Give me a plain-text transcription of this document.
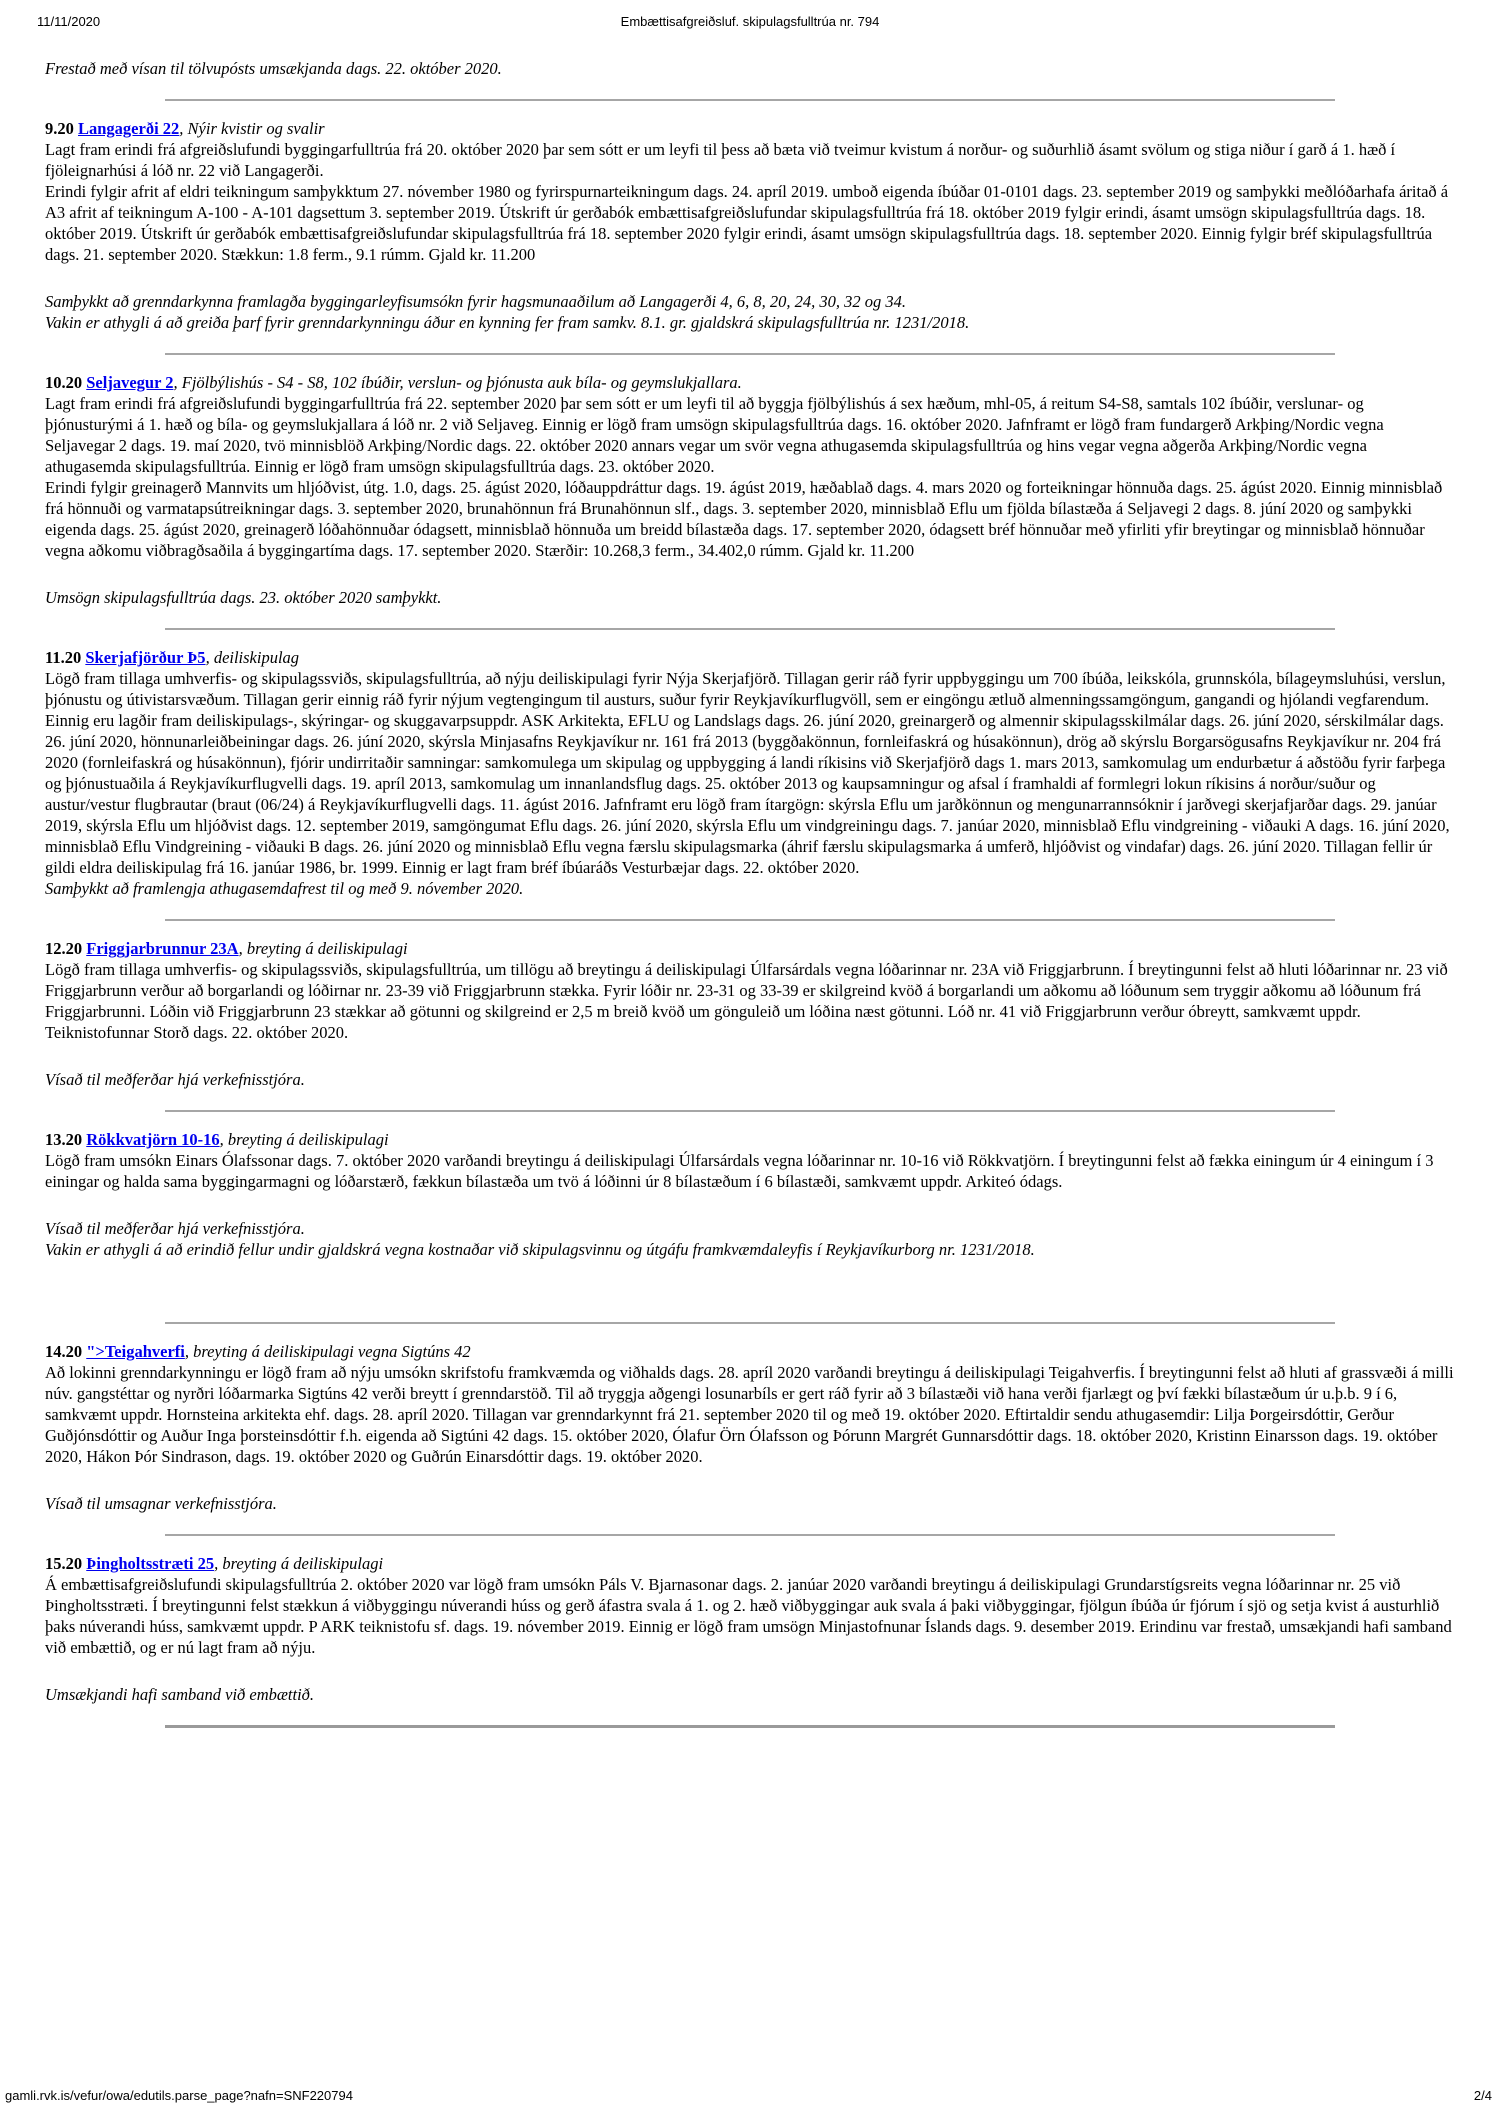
11/11/2020	Embættisafgreiðsluf. skipulagsfulltrúa nr. 794

Frestað með vísan til tölvupósts umsækjanda dags. 22. október 2020.

9.20 Langagerði 22, Nýir kvistir og svalir

Lagt fram erindi frá afgreiðslufundi byggingarfulltrúa frá 20. október 2020 þar sem sótt er um leyfi til þess að bæta við tveimur kvistum á norður- og suðurhlið ásamt svölum og stiga niður í garð á 1. hæð í fjöleignarhúsi á lóð nr. 22 við Langagerði.

Erindi fylgir afrit af eldri teikningum samþykktum 27. nóvember 1980 og fyrirspurnarteikningum dags. 24. apríl 2019. umboð eigenda íbúðar 01-0101 dags. 23. september 2019 og samþykki meðlóðarhafa áritað á A3 afrit af teikningum A-100 - A-101 dagsettum 3. september 2019. Útskrift úr gerðabók embættisafgreiðslufundar skipulagsfulltrúa frá 18. október 2019 fylgir erindi, ásamt umsögn skipulagsfulltrúa dags. 18. október 2019. Útskrift úr gerðabók embættisafgreiðslufundar skipulagsfulltrúa frá 18. september 2020 fylgir erindi, ásamt umsögn skipulagsfulltrúa dags. 18. september 2020. Einnig fylgir bréf skipulagsfulltrúa dags. 21. september 2020. Stækkun: 1.8 ferm., 9.1 rúmm. Gjald kr. 11.200

Samþykkt að grenndarkynna framlagða byggingarleyfisumsókn fyrir hagsmunaaðilum að Langagerði 4, 6, 8, 20, 24, 30, 32 og 34.

Vakin er athygli á að greiða þarf fyrir grenndarkynningu áður en kynning fer fram samkv. 8.1. gr. gjaldskrá skipulagsfulltrúa nr. 1231/2018.

10.20 Seljavegur 2, Fjölbýlishús - S4 - S8, 102 íbúðir, verslun- og þjónusta auk bíla- og geymslukjallara.

Lagt fram erindi frá afgreiðslufundi byggingarfulltrúa frá 22. september 2020 þar sem sótt er um leyfi til að byggja fjölbýlishús á sex hæðum, mhl-05, á reitum S4-S8, samtals 102 íbúðir, verslunar- og þjónusturými á 1. hæð og bíla- og geymslukjallara á lóð nr. 2 við Seljaveg. Einnig er lögð fram umsögn skipulagsfulltrúa dags. 16. október 2020. Jafnframt er lögð fram fundargerð Arkþing/Nordic vegna Seljavegar 2 dags. 19. maí 2020, tvö minnisblöð Arkþing/Nordic dags. 22. október 2020 annars vegar um svör vegna athugasemda skipulagsfulltrúa og hins vegar vegna aðgerða Arkþing/Nordic vegna athugasemda skipulagsfulltrúa. Einnig er lögð fram umsögn skipulagsfulltrúa dags. 23. október 2020.

Erindi fylgir greinagerð Mannvits um hljóðvist, útg. 1.0, dags. 25. ágúst 2020, lóðauppdráttur dags. 19. ágúst 2019, hæðablað dags. 4. mars 2020 og forteikningar hönnuða dags. 25. ágúst 2020. Einnig minnisblað frá hönnuði og varmatapsútreikningar dags. 3. september 2020, brunahönnun frá Brunahönnun slf., dags. 3. september 2020, minnisblað Eflu um fjölda bílastæða á Seljavegi 2 dags. 8. júní 2020 og samþykki eigenda dags. 25. ágúst 2020, greinagerð lóðahönnuðar ódagsett, minnisblað hönnuða um breidd bílastæða dags. 17. september 2020, ódagsett bréf hönnuðar með yfirliti yfir breytingar og minnisblað hönnuðar vegna aðkomu viðbragðsaðila á byggingartíma dags. 17. september 2020. Stærðir: 10.268,3 ferm., 34.402,0 rúmm. Gjald kr. 11.200

Umsögn skipulagsfulltrúa dags. 23. október 2020 samþykkt.

11.20 Skerjafjörður Þ5, deiliskipulag

Lögð fram tillaga umhverfis- og skipulagssviðs, skipulagsfulltrúa, að nýju deiliskipulagi fyrir Nýja Skerjafjörð. Tillagan gerir ráð fyrir uppbyggingu um 700 íbúða, leikskóla, grunnskóla, bílageymsluhúsi, verslun, þjónustu og útivistarsvæðum. Tillagan gerir einnig ráð fyrir nýjum vegtengingum til austurs, suður fyrir Reykjavíkurflugvöll, sem er eingöngu ætluð almenningssamgöngum, gangandi og hjólandi vegfarendum. Einnig eru lagðir fram deiliskipulags-, skýringar- og skuggavarpsuppdr. ASK Arkitekta, EFLU og Landslags dags. 26. júní 2020, greinargerð og almennir skipulagsskilmálar dags. 26. júní 2020, sérskilmálar dags. 26. júní 2020, hönnunarleiðbeiningar dags. 26. júní 2020, skýrsla Minjasafns Reykjavíkur nr. 161 frá 2013 (byggðakönnun, fornleifaskrá og húsakönnun), drög að skýrslu Borgarsögusafns Reykjavíkur nr. 204 frá 2020 (fornleifaskrá og húsakönnun), fjórir undirritaðir samningar: samkomulega um skipulag og uppbygging á landi ríkisins við Skerjafjörð dags 1. mars 2013, samkomulag um endurbætur á aðstöðu fyrir farþega og þjónustuaðila á Reykjavíkurflugvelli dags. 19. apríl 2013, samkomulag um innanlandsflug dags. 25. október 2013 og kaupsamningur og afsal í framhaldi af formlegri lokun ríkisins á norður/suður og austur/vestur flugbrautar (braut (06/24) á Reykjavíkurflugvelli dags. 11. ágúst 2016. Jafnframt eru lögð fram ítargögn: skýrsla Eflu um jarðkönnun og mengunarrannsóknir í jarðvegi skerjafjarðar dags. 29. janúar 2019, skýrsla Eflu um hljóðvist dags. 12. september 2019, samgöngumat Eflu dags. 26. júní 2020, skýrsla Eflu um vindgreiningu dags. 7. janúar 2020, minnisblað Eflu vindgreining - viðauki A dags. 16. júní 2020, minnisblað Eflu Vindgreining - viðauki B dags. 26. júní 2020 og minnisblað Eflu vegna færslu skipulagsmarka (áhrif færslu skipulagsmarka á umferð, hljóðvist og vindafar) dags. 26. júní 2020. Tillagan fellir úr gildi eldra deiliskipulag frá 16. janúar 1986, br. 1999. Einnig er lagt fram bréf íbúaráðs Vesturbæjar dags. 22. október 2020.

Samþykkt að framlengja athugasemdafrest til og með 9. nóvember 2020.

12.20 Friggjarbrunnur 23A, breyting á deiliskipulagi

Lögð fram tillaga umhverfis- og skipulagssviðs, skipulagsfulltrúa, um tillögu að breytingu á deiliskipulagi Úlfarsárdals vegna lóðarinnar nr. 23A við Friggjarbrunn. Í breytingunni felst að hluti lóðarinnar nr. 23 við Friggjarbrunn verður að borgarlandi og lóðirnar nr. 23-39 við Friggjarbrunn stækka. Fyrir lóðir nr. 23-31 og 33-39 er skilgreind kvöð á borgarlandi um aðkomu að lóðunum sem tryggir aðkomu að lóðunum frá Friggjarbrunni. Lóðin við Friggjarbrunn 23 stækkar að götunni og skilgreind er 2,5 m breið kvöð um gönguleið um lóðina næst götunni. Lóð nr. 41 við Friggjarbrunn verður óbreytt, samkvæmt uppdr. Teiknistofunnar Storð dags. 22. október 2020.

Vísað til meðferðar hjá verkefnisstjóra.

13.20 Rökkvatjörn 10-16, breyting á deiliskipulagi

Lögð fram umsókn Einars Ólafssonar dags. 7. október 2020 varðandi breytingu á deiliskipulagi Úlfarsárdals vegna lóðarinnar nr. 10-16 við Rökkvatjörn. Í breytingunni felst að fækka einingum úr 4 einingum í 3 einingar og halda sama byggingarmagni og lóðarstærð, fækkun bílastæða um tvö á lóðinni úr 8 bílastæðum í 6 bílastæði, samkvæmt uppdr. Arkiteó ódags.

Vísað til meðferðar hjá verkefnisstjóra.

Vakin er athygli á að erindið fellur undir gjaldskrá vegna kostnaðar við skipulagsvinnu og útgáfu framkvæmdaleyfis í Reykjavíkurborg nr. 1231/2018.

14.20 ">Teigahverfi, breyting á deiliskipulagi vegna Sigtúns 42

Að lokinni grenndarkynningu er lögð fram að nýju umsókn skrifstofu framkvæmda og viðhalds dags. 28. apríl 2020 varðandi breytingu á deiliskipulagi Teigahverfis. Í breytingunni felst að hluti af grassvæði á milli núv. gangstéttar og nyrðri lóðarmarka Sigtúns 42 verði breytt í grenndarstöð. Til að tryggja aðgengi losunarbíls er gert ráð fyrir að 3 bílastæði við hana verði fjarlægt og því fækki bílastæðum úr u.þ.b. 9 í 6, samkvæmt uppdr. Hornsteina arkitekta ehf. dags. 28. apríl 2020. Tillagan var grenndarkynnt frá 21. september 2020 til og með 19. október 2020. Eftirtaldir sendu athugasemdir: Lilja Þorgeirsdóttir, Gerður Guðjónsdóttir og Auður Inga þorsteinsdóttir f.h. eigenda að Sigtúni 42 dags. 15. október 2020, Ólafur Örn Ólafsson og Þórunn Margrét Gunnarsdóttir dags. 18. október 2020, Kristinn Einarsson dags. 19. október 2020, Hákon Þór Sindrason, dags. 19. október 2020 og Guðrún Einarsdóttir dags. 19. október 2020.

Vísað til umsagnar verkefnisstjóra.

15.20 Þingholtsstræti 25, breyting á deiliskipulagi

Á embættisafgreiðslufundi skipulagsfulltrúa 2. október 2020 var lögð fram umsókn Páls V. Bjarnasonar dags. 2. janúar 2020 varðandi breytingu á deiliskipulagi Grundarstígsreits vegna lóðarinnar nr. 25 við Þingholtsstræti. Í breytingunni felst stækkun á viðbyggingu núverandi húss og gerð áfastra svala á 1. og 2. hæð viðbyggingar auk svala á þaki viðbyggingar, fjölgun íbúða úr fjórum í sjö og setja kvist á austurhlið þaks núverandi húss, samkvæmt uppdr. P ARK teiknistofu sf. dags. 19. nóvember 2019. Einnig er lögð fram umsögn Minjastofnunar Íslands dags. 9. desember 2019. Erindinu var frestað, umsækjandi hafi samband við embættið, og er nú lagt fram að nýju.

Umsækjandi hafi samband við embættið.

gamli.rvk.is/vefur/owa/edutils.parse_page?nafn=SNF220794	2/4
